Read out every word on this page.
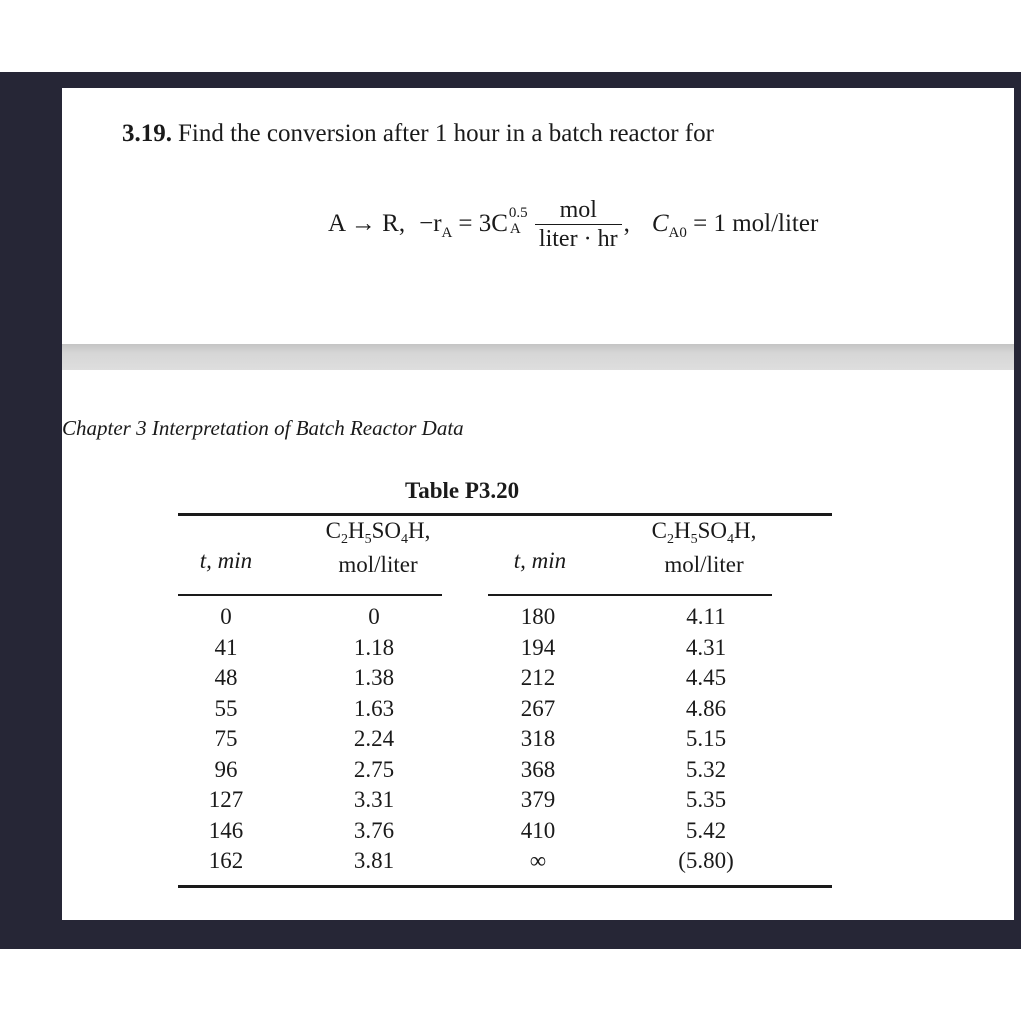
3.19. Find the conversion after 1 hour in a batch reactor for
A → R, $-r_A = 3C$ 0.5
A $\frac{\text{mol}}{\text{liter · hr}}$ , $C_{A0} = 1$ mol/liter
Chapter 3 Interpretation of Batch Reactor Data
Table P3.20
t, min
$C_2H_5SO_4H$,
mol/liter	t, min
$C_2H_5SO_4H$,
mol/liter
0
41
48
55
75
96
127
146
162
0
1.18
1.38
1.63
2.24
2.75
3.31
3.76
3.81
180
194
212
267
318
368
379
410
∞
4.11
4.31
4.45
4.86
5.15
5.32
5.35
5.42
(5.80)
